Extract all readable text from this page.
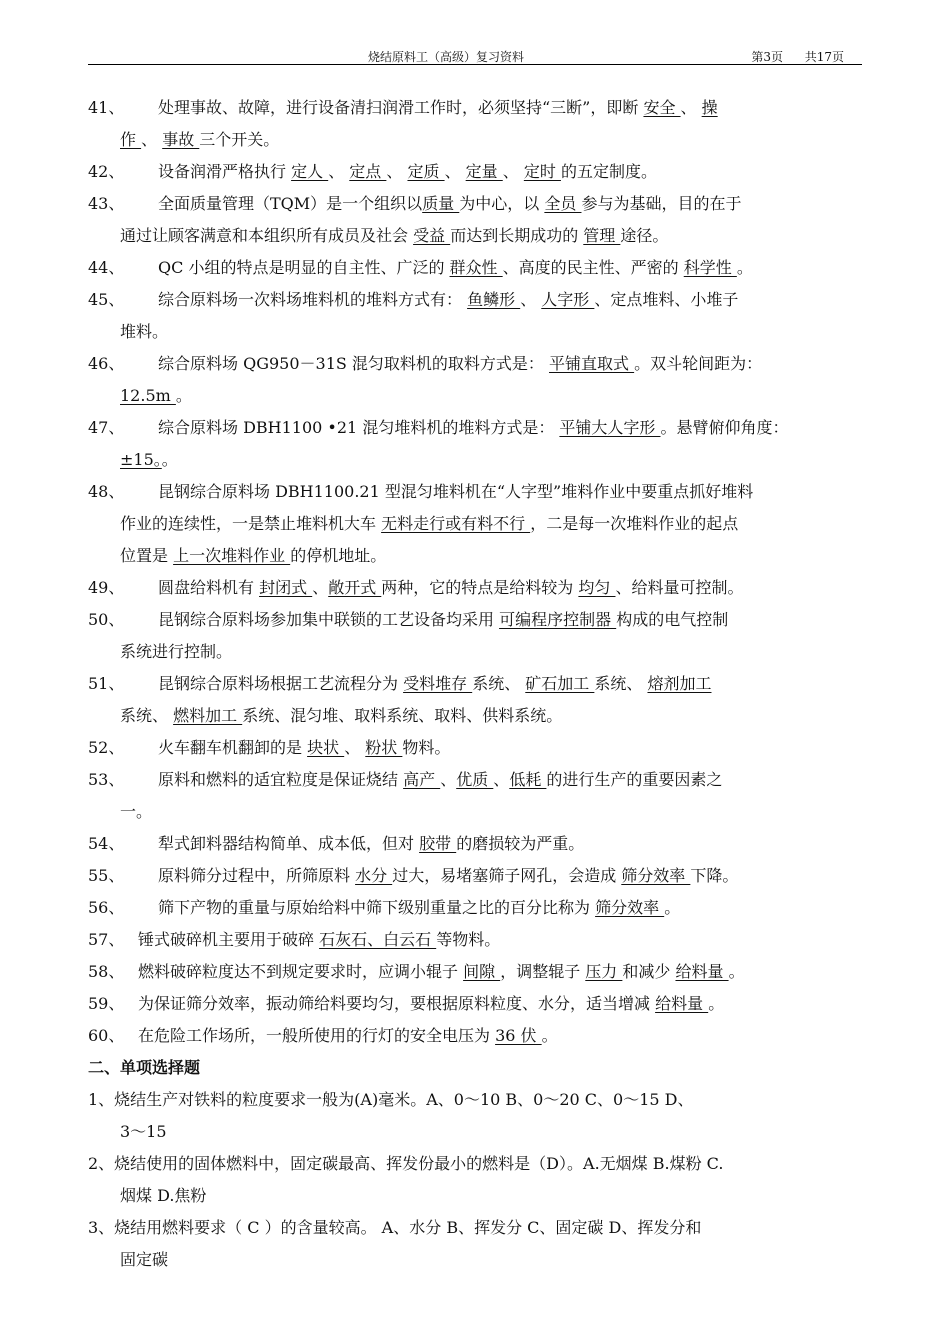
烧结原料工（高级）复习资料	第3页 共17页
41、 处理事故、故障，进行设备清扫润滑工作时，必须坚持“三断”，即断 安全 、 操
作 、 事故 三个开关。
42、 设备润滑严格执行 定人 、 定点 、 定质 、 定量 、 定时 的五定制度。
43、 全面质量管理（TQM）是一个组织以质量 为中心，以 全员 参与为基础，目的在于
通过让顾客满意和本组织所有成员及社会 受益 而达到长期成功的 管理 途径。
44、 QC 小组的特点是明显的自主性、广泛的 群众性 、高度的民主性、严密的 科学性 。
45、 综合原料场一次料场堆料机的堆料方式有： 鱼鳞形 、 人字形 、定点堆料、小堆子
堆料。
46、 综合原料场 QG950－31S 混匀取料机的取料方式是： 平铺直取式 。双斗轮间距为：
12.5m 。
47、 综合原料场 DBH1100 •21 混匀堆料机的堆料方式是： 平铺大人字形 。悬臂俯仰角度：
±15。。
48、 昆钢综合原料场 DBH1100.21 型混匀堆料机在“人字型”堆料作业中要重点抓好堆料
作业的连续性，一是禁止堆料机大车 无料走行或有料不行 ，二是每一次堆料作业的起点
位置是 上一次堆料作业 的停机地址。
49、 圆盘给料机有 封闭式 、敞开式 两种，它的特点是给料较为 均匀 、给料量可控制。
50、 昆钢综合原料场参加集中联锁的工艺设备均采用 可编程序控制器 构成的电气控制
系统进行控制。
51、 昆钢综合原料场根据工艺流程分为 受料堆存 系统、 矿石加工 系统、 熔剂加工
系统、 燃料加工 系统、混匀堆、取料系统、取料、供料系统。
52、 火车翻车机翻卸的是 块状 、 粉状 物料。
53、 原料和燃料的适宜粒度是保证烧结 高产 、优质 、低耗 的进行生产的重要因素之
一。
54、 犁式卸料器结构简单、成本低，但对 胶带 的磨损较为严重。
55、 原料筛分过程中，所筛原料 水分 过大，易堵塞筛子网孔，会造成 筛分效率 下降。
56、 筛下产物的重量与原始给料中筛下级别重量之比的百分比称为 筛分效率 。
57、 锤式破碎机主要用于破碎 石灰石、白云石 等物料。
58、 燃料破碎粒度达不到规定要求时，应调小辊子 间隙 ，调整辊子 压力 和减少 给料量 。
59、 为保证筛分效率，振动筛给料要均匀，要根据原料粒度、水分，适当增减 给料量 。
60、 在危险工作场所，一般所使用的行灯的安全电压为 36 伏 。
二、单项选择题
1、烧结生产对铁料的粒度要求一般为(A)毫米。A、0～10 B、0～20 C、0～15 D、
3～15
2、烧结使用的固体燃料中，固定碳最高、挥发份最小的燃料是（D）。A.无烟煤 B.煤粉 C.
烟煤 D.焦粉
3、烧结用燃料要求（ C ）的含量较高。 A、水分 B、挥发分 C、固定碳 D、挥发分和
固定碳
